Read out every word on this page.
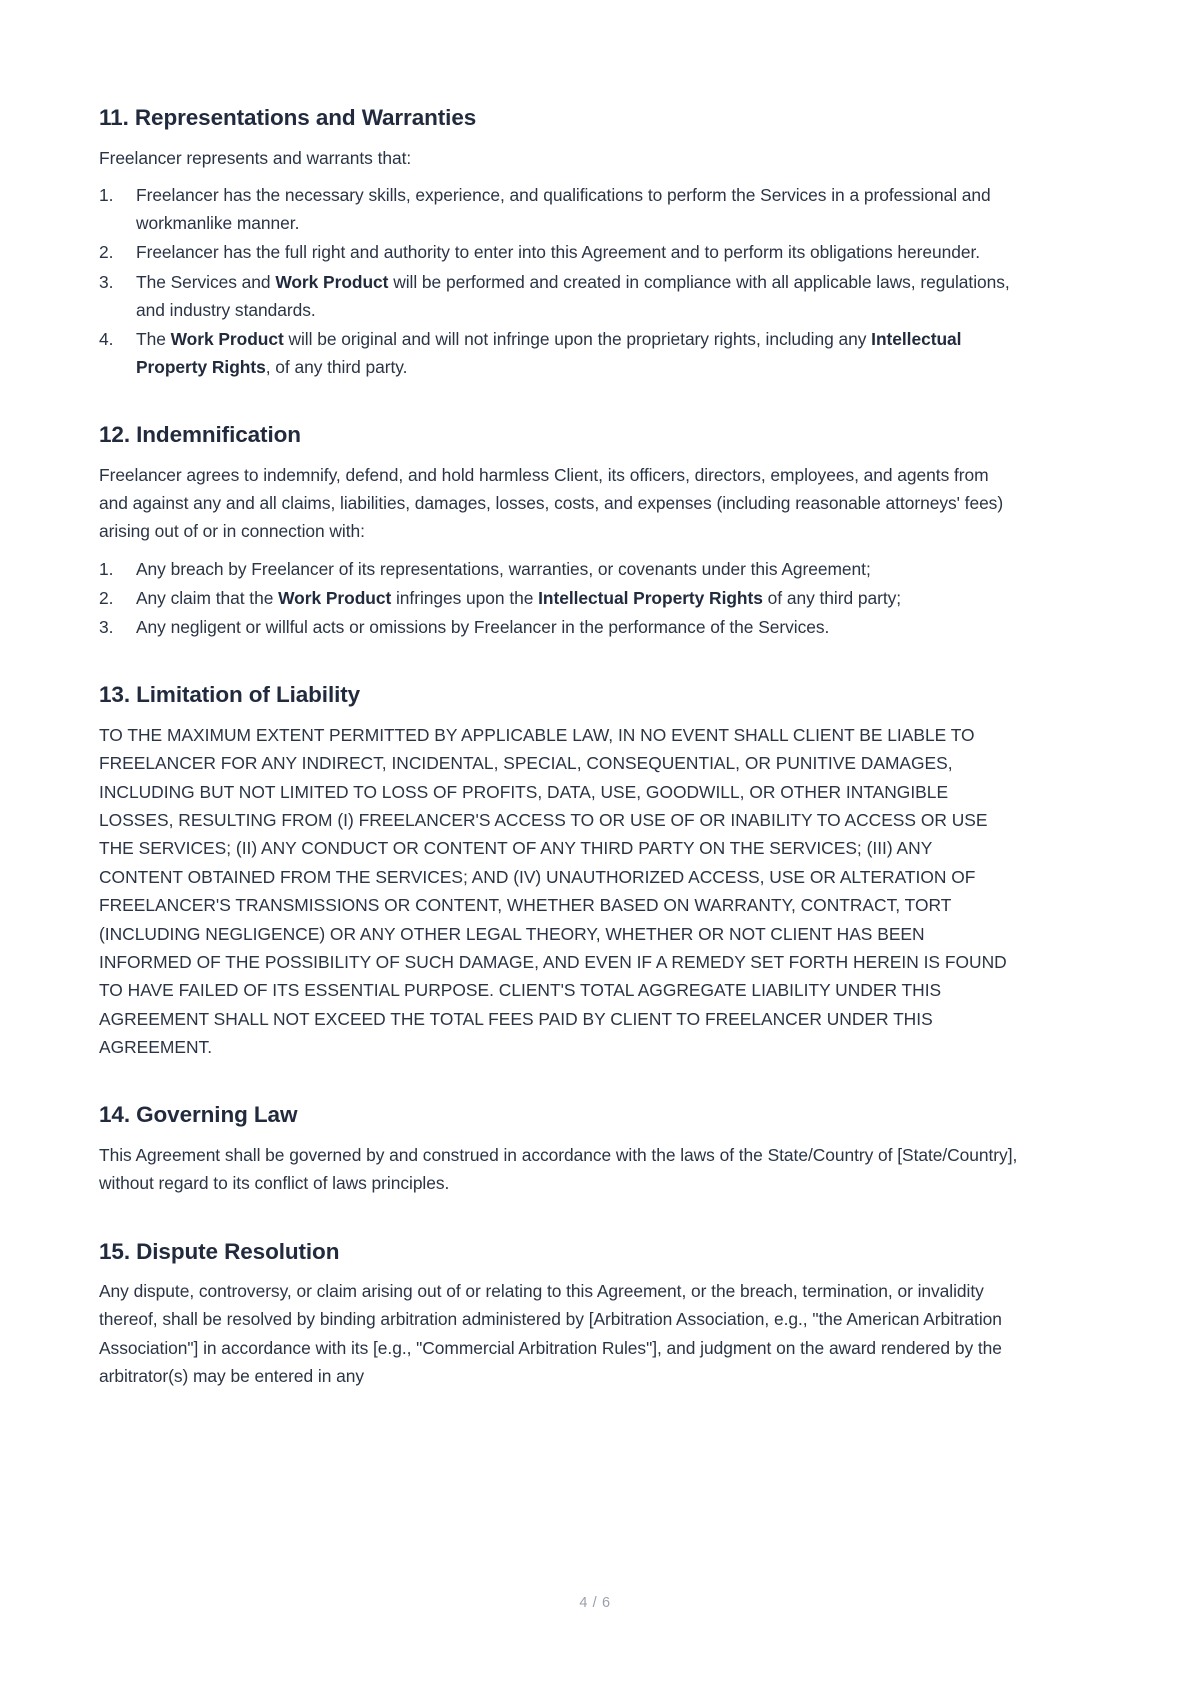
11. Representations and Warranties

Freelancer represents and warrants that:

Freelancer has the necessary skills, experience, and qualifications to perform the Services in a professional and workmanlike manner.
Freelancer has the full right and authority to enter into this Agreement and to perform its obligations hereunder.
The Services and Work Product will be performed and created in compliance with all applicable laws, regulations, and industry standards.
The Work Product will be original and will not infringe upon the proprietary rights, including any Intellectual Property Rights, of any third party.
12. Indemnification

Freelancer agrees to indemnify, defend, and hold harmless Client, its officers, directors, employees, and agents from and against any and all claims, liabilities, damages, losses, costs, and expenses (including reasonable attorneys' fees) arising out of or in connection with:

Any breach by Freelancer of its representations, warranties, or covenants under this Agreement;
Any claim that the Work Product infringes upon the Intellectual Property Rights of any third party;
Any negligent or willful acts or omissions by Freelancer in the performance of the Services.
13. Limitation of Liability

TO THE MAXIMUM EXTENT PERMITTED BY APPLICABLE LAW, IN NO EVENT SHALL CLIENT BE LIABLE TO FREELANCER FOR ANY INDIRECT, INCIDENTAL, SPECIAL, CONSEQUENTIAL, OR PUNITIVE DAMAGES, INCLUDING BUT NOT LIMITED TO LOSS OF PROFITS, DATA, USE, GOODWILL, OR OTHER INTANGIBLE LOSSES, RESULTING FROM (I) FREELANCER'S ACCESS TO OR USE OF OR INABILITY TO ACCESS OR USE THE SERVICES; (II) ANY CONDUCT OR CONTENT OF ANY THIRD PARTY ON THE SERVICES; (III) ANY CONTENT OBTAINED FROM THE SERVICES; AND (IV) UNAUTHORIZED ACCESS, USE OR ALTERATION OF FREELANCER'S TRANSMISSIONS OR CONTENT, WHETHER BASED ON WARRANTY, CONTRACT, TORT (INCLUDING NEGLIGENCE) OR ANY OTHER LEGAL THEORY, WHETHER OR NOT CLIENT HAS BEEN INFORMED OF THE POSSIBILITY OF SUCH DAMAGE, AND EVEN IF A REMEDY SET FORTH HEREIN IS FOUND TO HAVE FAILED OF ITS ESSENTIAL PURPOSE. CLIENT'S TOTAL AGGREGATE LIABILITY UNDER THIS AGREEMENT SHALL NOT EXCEED THE TOTAL FEES PAID BY CLIENT TO FREELANCER UNDER THIS AGREEMENT.

14. Governing Law

This Agreement shall be governed by and construed in accordance with the laws of the State/Country of [State/Country], without regard to its conflict of laws principles.

15. Dispute Resolution

Any dispute, controversy, or claim arising out of or relating to this Agreement, or the breach, termination, or invalidity thereof, shall be resolved by binding arbitration administered by [Arbitration Association, e.g., "the American Arbitration Association"] in accordance with its [e.g., "Commercial Arbitration Rules"], and judgment on the award rendered by the arbitrator(s) may be entered in any

4 / 6
